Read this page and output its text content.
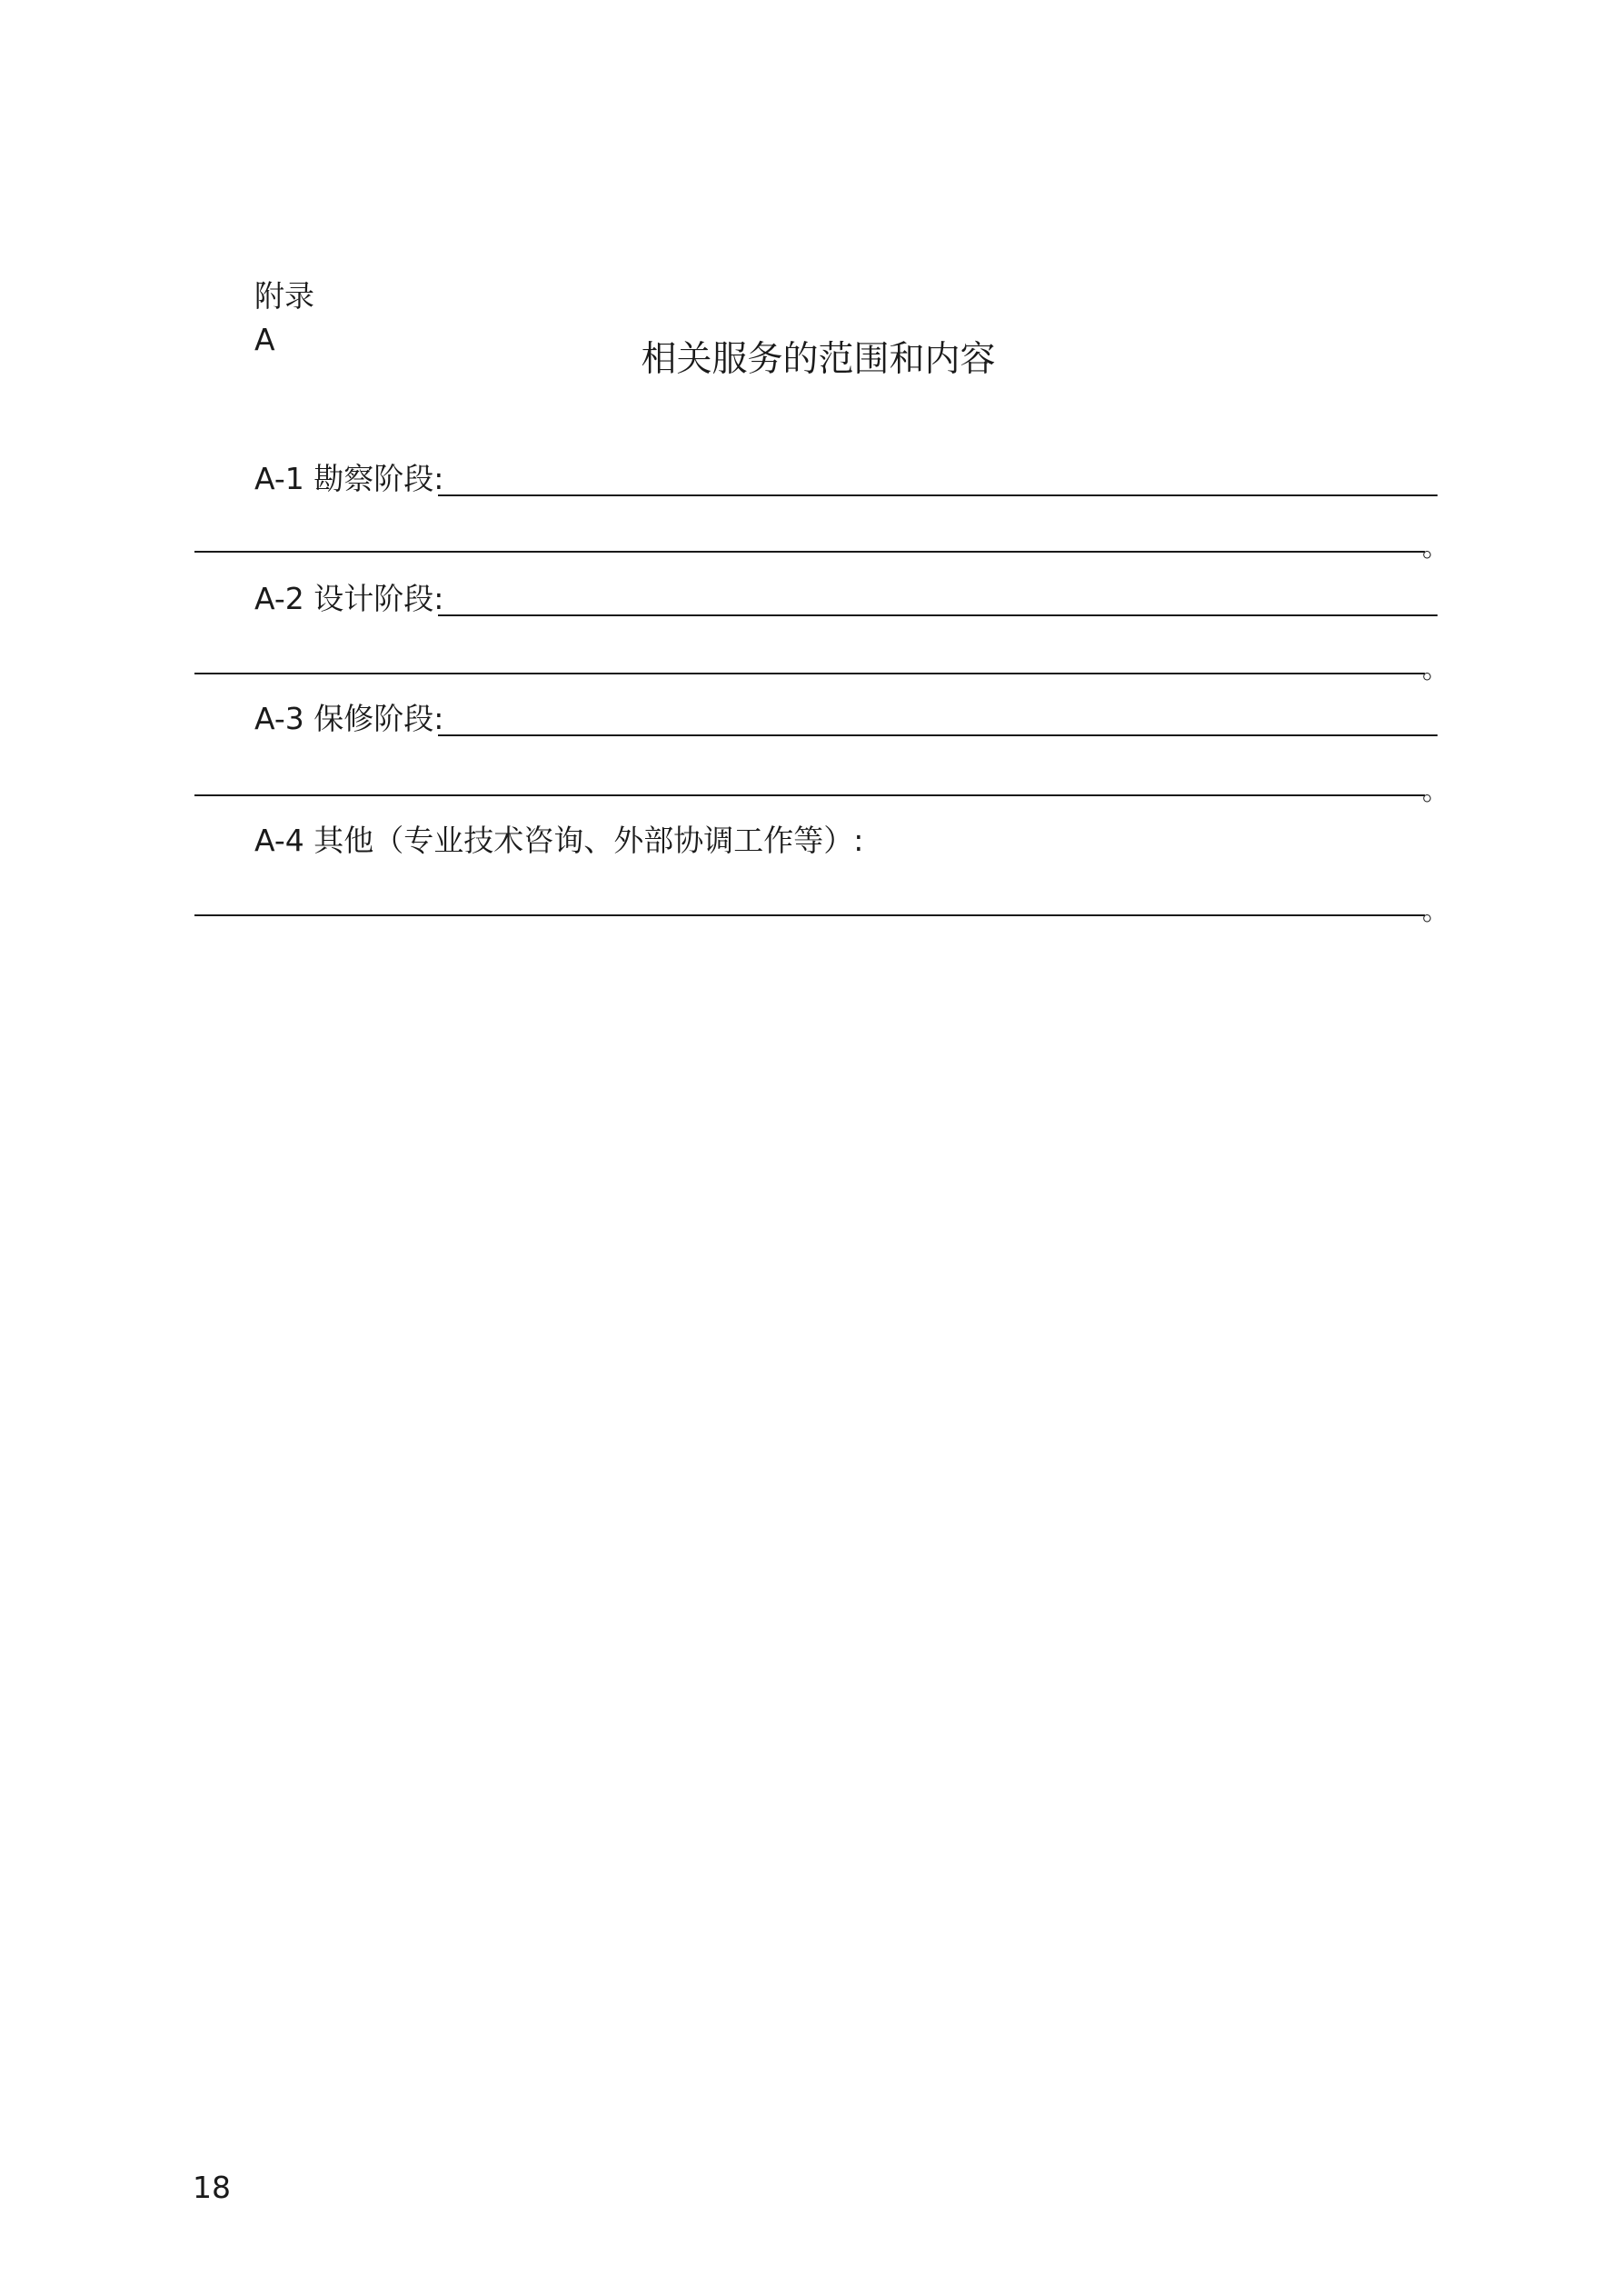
附录
A	相关服务的范围和内容
A-1 勘察阶段:
。
A-2 设计阶段:
。
A-3 保修阶段:
。
A-4 其他（专业技术咨询、外部协调工作等）:
。
18
